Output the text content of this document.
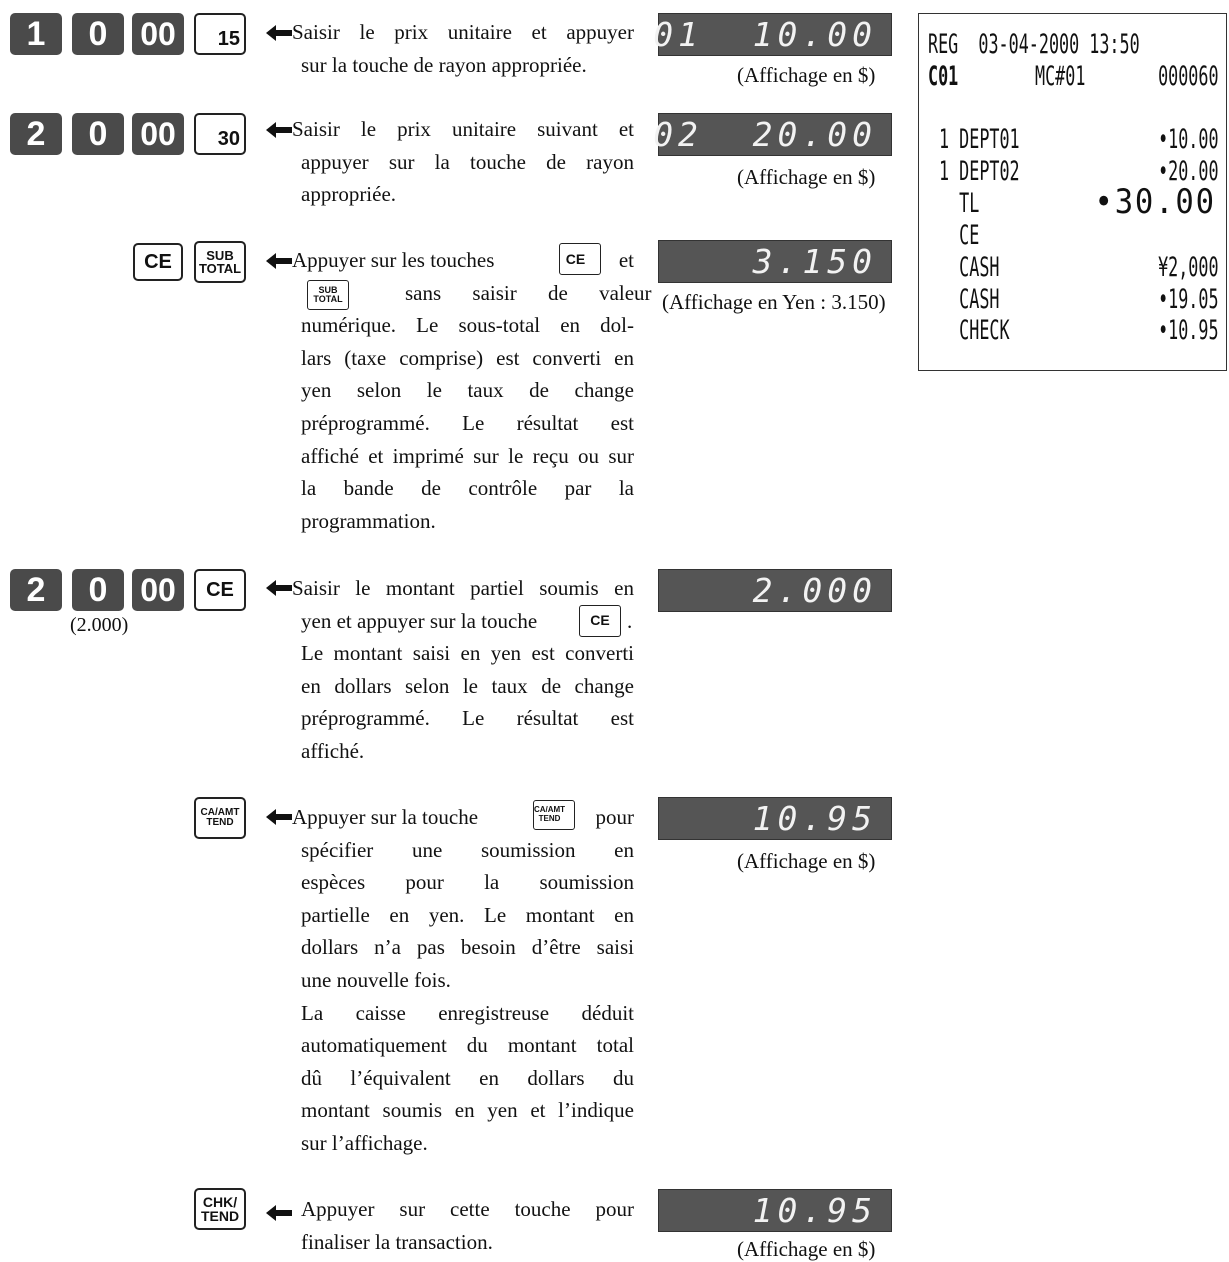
1	0	00	15 Saisir le prix unitaire et appuyer

sur la touche de rayon appropriée.

01  10.00
(Affichage en $)
2	0	00	30 Saisir le prix unitaire suivant et

appuyer sur la touche de rayon

appropriée.

02  20.00
(Affichage en $)
CE	SUB
TOTAL Appuyer sur les touches	CE	et

SUB
TOTAL	sans saisir de valeur

numérique. Le sous-total en dol-

lars (taxe comprise) est converti en

yen selon le taux de change

préprogrammé. Le résultat est

affiché et imprimé sur le reçu ou sur

la bande de contrôle par la

programmation.

3.150
(Affichage en Yen : 3.150)
2	0	00	CE
(2.000)

Saisir le montant partiel soumis en

yen et appuyer sur la touche	CE .

Le montant saisi en yen est converti

en dollars selon le taux de change

préprogrammé. Le résultat est

affiché.

2.000
CA/AMT
TEND	Appuyer sur la touche	CA/AMT
TEND pour

spécifier une soumission en

espèces pour la soumission

partielle en yen. Le montant en

dollars n’a pas besoin d’être saisi

une nouvelle fois.

La caisse enregistreuse déduit

automatiquement du montant total

dû l’équivalent en dollars du

montant soumis en yen et l’indique

sur l’affichage.

10.95
(Affichage en $)
CHK/
TEND	Appuyer sur cette touche pour

finaliser la transaction.

10.95
(Affichage en $)
REG  03-04-2000 13:50
C01	MC#01	000060
1 DEPT01	•10.00
1 DEPT02	•20.00
TL	•30.00
CE
CASH	¥2,000
CASH	•19.05
CHECK	•10.95
